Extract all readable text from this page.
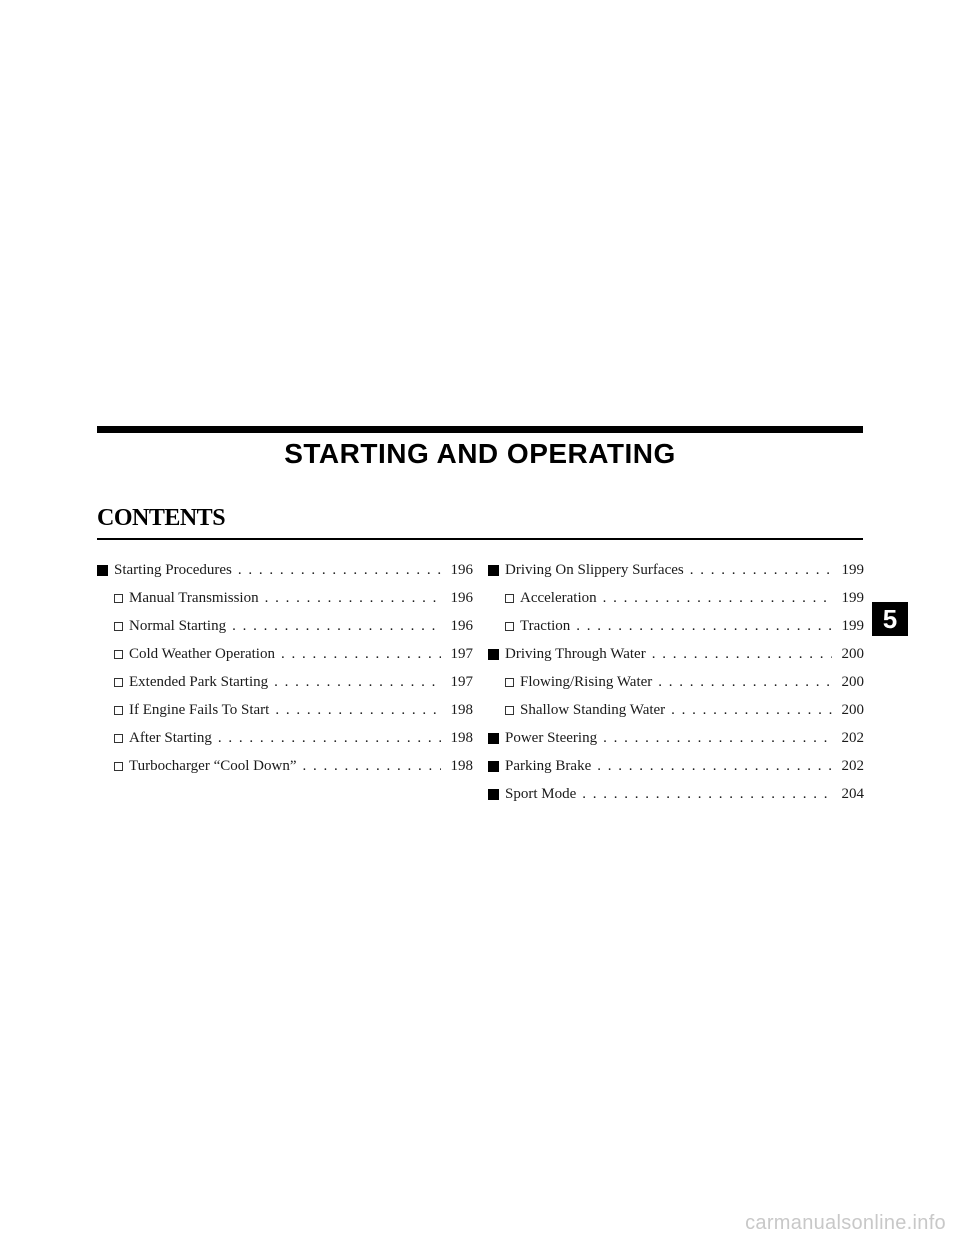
STARTING AND OPERATING
CONTENTS
Starting Procedures . . .	196
Manual Transmission . . .	196
Normal Starting . . .	196
Cold Weather Operation . . .	197
Extended Park Starting . . .	197
If Engine Fails To Start . . .	198
After Starting . . .	198
Turbocharger “Cool Down” . . .	198
Driving On Slippery Surfaces . . .	199
Acceleration . . .	199
Traction . . .	199
Driving Through Water . . .	200
Flowing/Rising Water . . .	200
Shallow Standing Water . . .	200
Power Steering . . .	202
Parking Brake . . .	202
Sport Mode . . .	204
5
carmanualsonline.info
